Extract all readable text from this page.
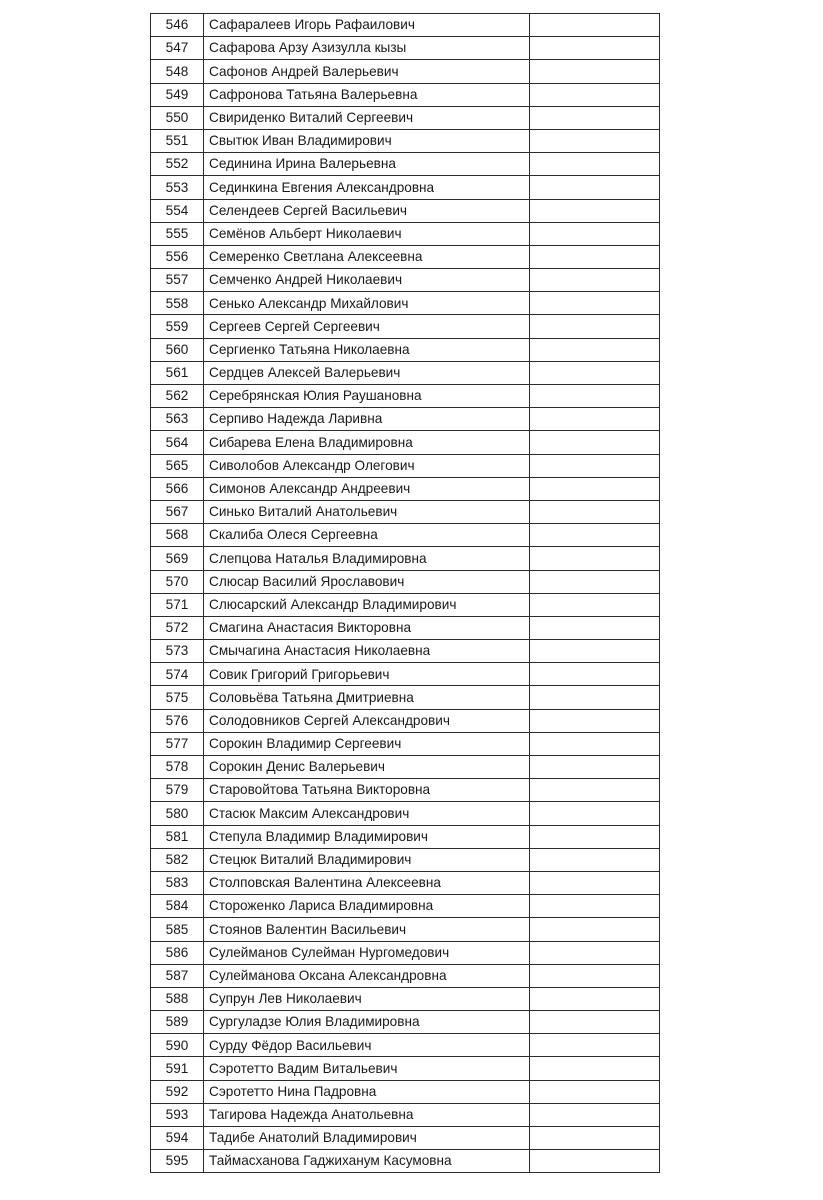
546	Сафаралеев Игорь Рафаилович	
547	Сафарова Арзу Азизулла кызы	
548	Сафонов Андрей Валерьевич	
549	Сафронова Татьяна Валерьевна	
550	Свириденко Виталий Сергеевич	
551	Свытюк Иван Владимирович	
552	Сединина Ирина Валерьевна	
553	Сединкина Евгения Александровна	
554	Селендеев Сергей Васильевич	
555	Семёнов Альберт Николаевич	
556	Семеренко Светлана Алексеевна	
557	Семченко Андрей Николаевич	
558	Сенько Александр Михайлович	
559	Сергеев Сергей Сергеевич	
560	Сергиенко Татьяна Николаевна	
561	Сердцев Алексей Валерьевич	
562	Серебрянская Юлия Раушановна	
563	Серпиво Надежда Ларивна	
564	Сибарева Елена Владимировна	
565	Сиволобов Александр Олегович	
566	Симонов Александр Андреевич	
567	Синько Виталий Анатольевич	
568	Скалиба Олеся Сергеевна	
569	Слепцова Наталья Владимировна	
570	Слюсар Василий Ярославович	
571	Слюсарский Александр Владимирович	
572	Смагина Анастасия Викторовна	
573	Смычагина Анастасия Николаевна	
574	Совик Григорий Григорьевич	
575	Соловьёва Татьяна Дмитриевна	
576	Солодовников Сергей Александрович	
577	Сорокин Владимир Сергеевич	
578	Сорокин Денис Валерьевич	
579	Старовойтова Татьяна Викторовна	
580	Стасюк Максим Александрович	
581	Степула Владимир Владимирович	
582	Стецюк Виталий Владимирович	
583	Столповская Валентина Алексеевна	
584	Стороженко Лариса Владимировна	
585	Стоянов Валентин Васильевич	
586	Сулейманов Сулейман Нургомедович	
587	Сулейманова Оксана Александровна	
588	Супрун Лев Николаевич	
589	Сургуладзе Юлия Владимировна	
590	Сурду Фёдор Васильевич	
591	Сэротетто Вадим Витальевич	
592	Сэротетто Нина Падровна	
593	Тагирова Надежда Анатольевна	
594	Тадибе Анатолий Владимирович	
595	Таймасханова Гаджиханум Касумовна	
